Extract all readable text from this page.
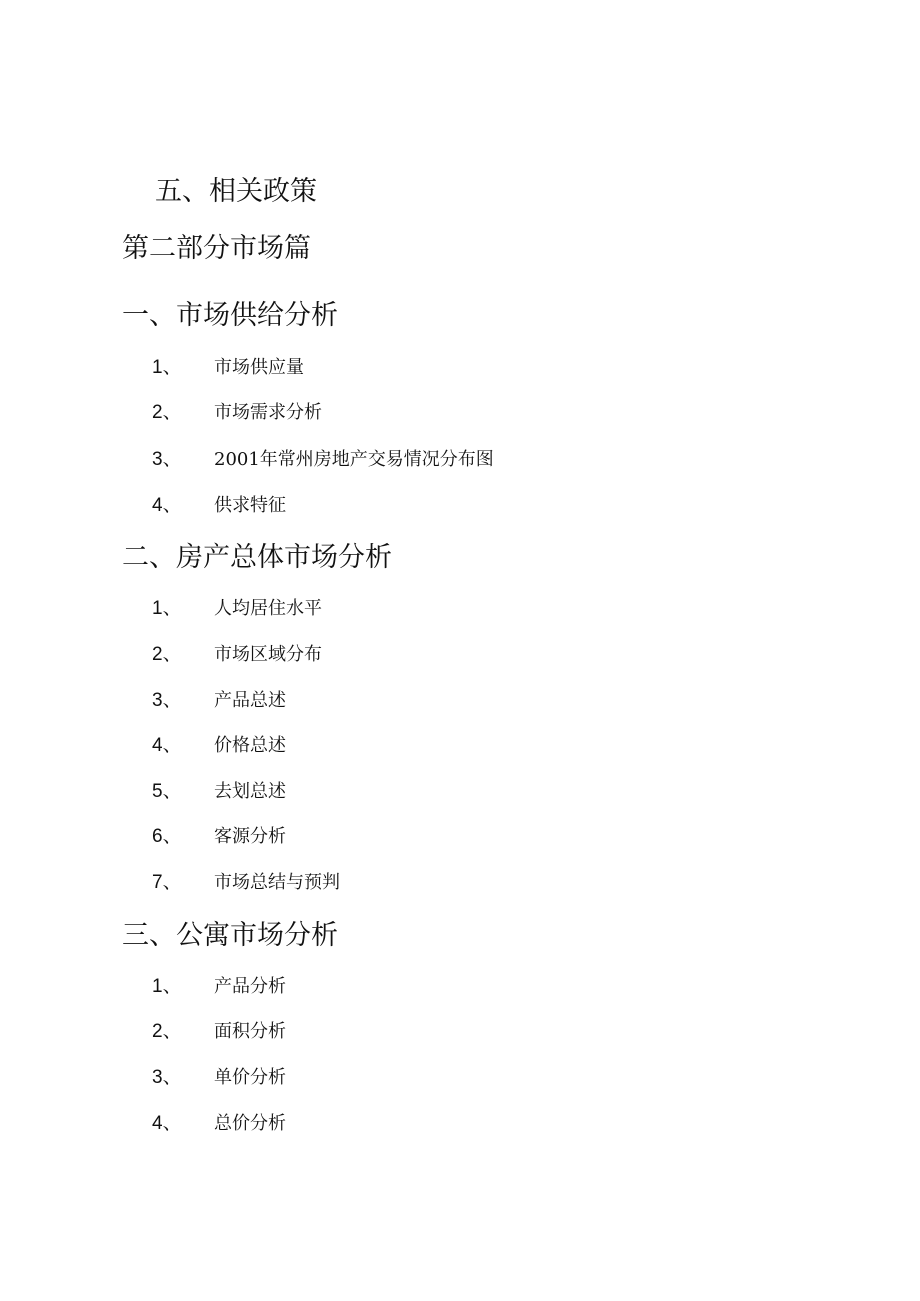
五、相关政策
第二部分市场篇
一、市场供给分析
1、 市场供应量
2、 市场需求分析
3、 2001年常州房地产交易情况分布图
4、 供求特征
二、房产总体市场分析
1、 人均居住水平
2、 市场区域分布
3、 产品总述
4、 价格总述
5、 去划总述
6、 客源分析
7、 市场总结与预判
三、公寓市场分析
1、 产品分析
2、 面积分析
3、 单价分析
4、 总价分析
